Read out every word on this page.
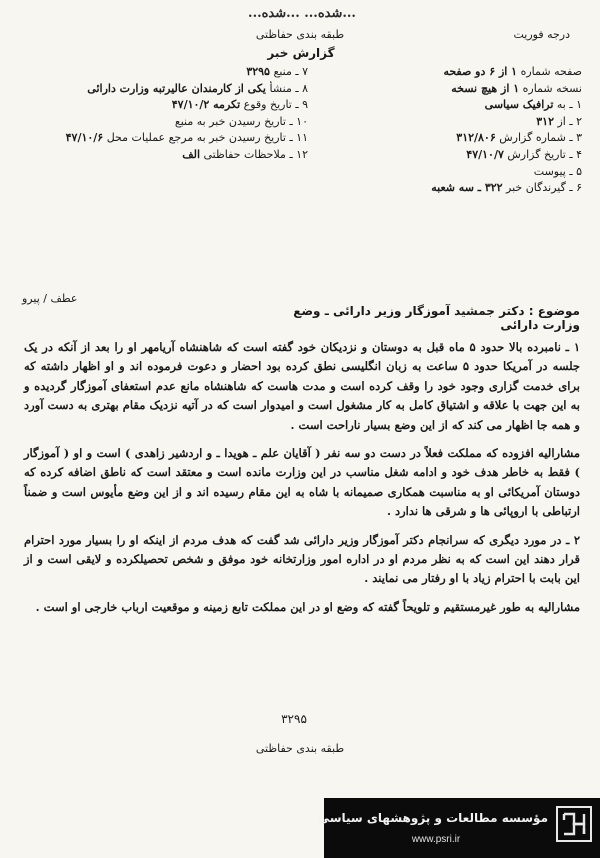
...شده... ...شده...
طبقه بندی حفاظتی	درجه فوریت
گزارش خبر
صفحه شماره ۱ از ۶ دو صفحه
نسخه شماره ۱ از هیچ نسخه
۱ ـ به ترافیک سیاسی
۲ ـ از ۳۱۲
۳ ـ شماره گزارش ۳۱۲/۸۰۶
۴ ـ تاریخ گزارش ۴۷/۱۰/۷
۵ ـ پیوست
۶ ـ گیرندگان خبر ۳۲۲ ـ سه شعبه
۷ ـ منبع ۳۲۹۵
۸ ـ منشأ یکی از کارمندان عالیرتبه وزارت دارائی
۹ ـ تاریخ وقوع تکرمه ۴۷/۱۰/۲
۱۰ ـ تاریخ رسیدن خبر به منبع
۱۱ ـ تاریخ رسیدن خبر به مرجع عملیات محل ۴۷/۱۰/۶
۱۲ ـ ملاحظات حفاظتی الف
عطف / پیرو
موضوع : دکتر جمشید آموزگار وزیر دارائی ـ وضع وزارت دارائی

۱ ـ نامبرده بالا حدود ۵ ماه قبل به دوستان و نزدیکان خود گفته است که شاهنشاه آریامهر او را بعد از آنکه در یک جلسه در آمریکا حدود ۵ ساعت به زبان انگلیسی نطق کرده بود احضار و دعوت فرموده اند و او اظهار داشته که برای خدمت گزاری وجود خود را وقف کرده است و مدت هاست که شاهنشاه مانع عدم استعفای آموزگار گردیده و به این جهت با علاقه و اشتیاق کامل به کار مشغول است و امیدوار است که در آتیه نزدیک مقام بهتری به دست آورد و همه جا اظهار می کند که از این وضع بسیار ناراحت است .

مشارالیه افزوده که مملکت فعلاً در دست دو سه نفر ( آقایان علم ـ هویدا ـ و اردشیر زاهدی ) است و او ( آموزگار ) فقط به خاطر هدف خود و ادامه شغل مناسب در این وزارت مانده است و معتقد است که ناطق اضافه کرده که دوستان آمریکائی او به مناسبت همکاری صمیمانه با شاه به این مقام رسیده اند و از این وضع مأیوس است و ضمناً ارتباطی با اروپائی ها و شرقی ها ندارد .

۲ ـ در مورد دیگری که سرانجام دکتر آموزگار وزیر دارائی شد گفت که هدف مردم از اینکه او را بسیار مورد احترام قرار دهند این است که به نظر مردم او در اداره امور وزارتخانه خود موفق و شخص تحصیلکرده و لایقی است و از این بابت با احترام زیاد با او رفتار می نمایند .

مشارالیه به طور غیرمستقیم و تلویحاً گفته که وضع او در این مملکت تابع زمینه و موقعیت ارباب خارجی او است .

۳۲۹۵
طبقه بندی حفاظتی
مؤسسه مطالعات و پژوهشهای سیاسی
www.psri.ir
